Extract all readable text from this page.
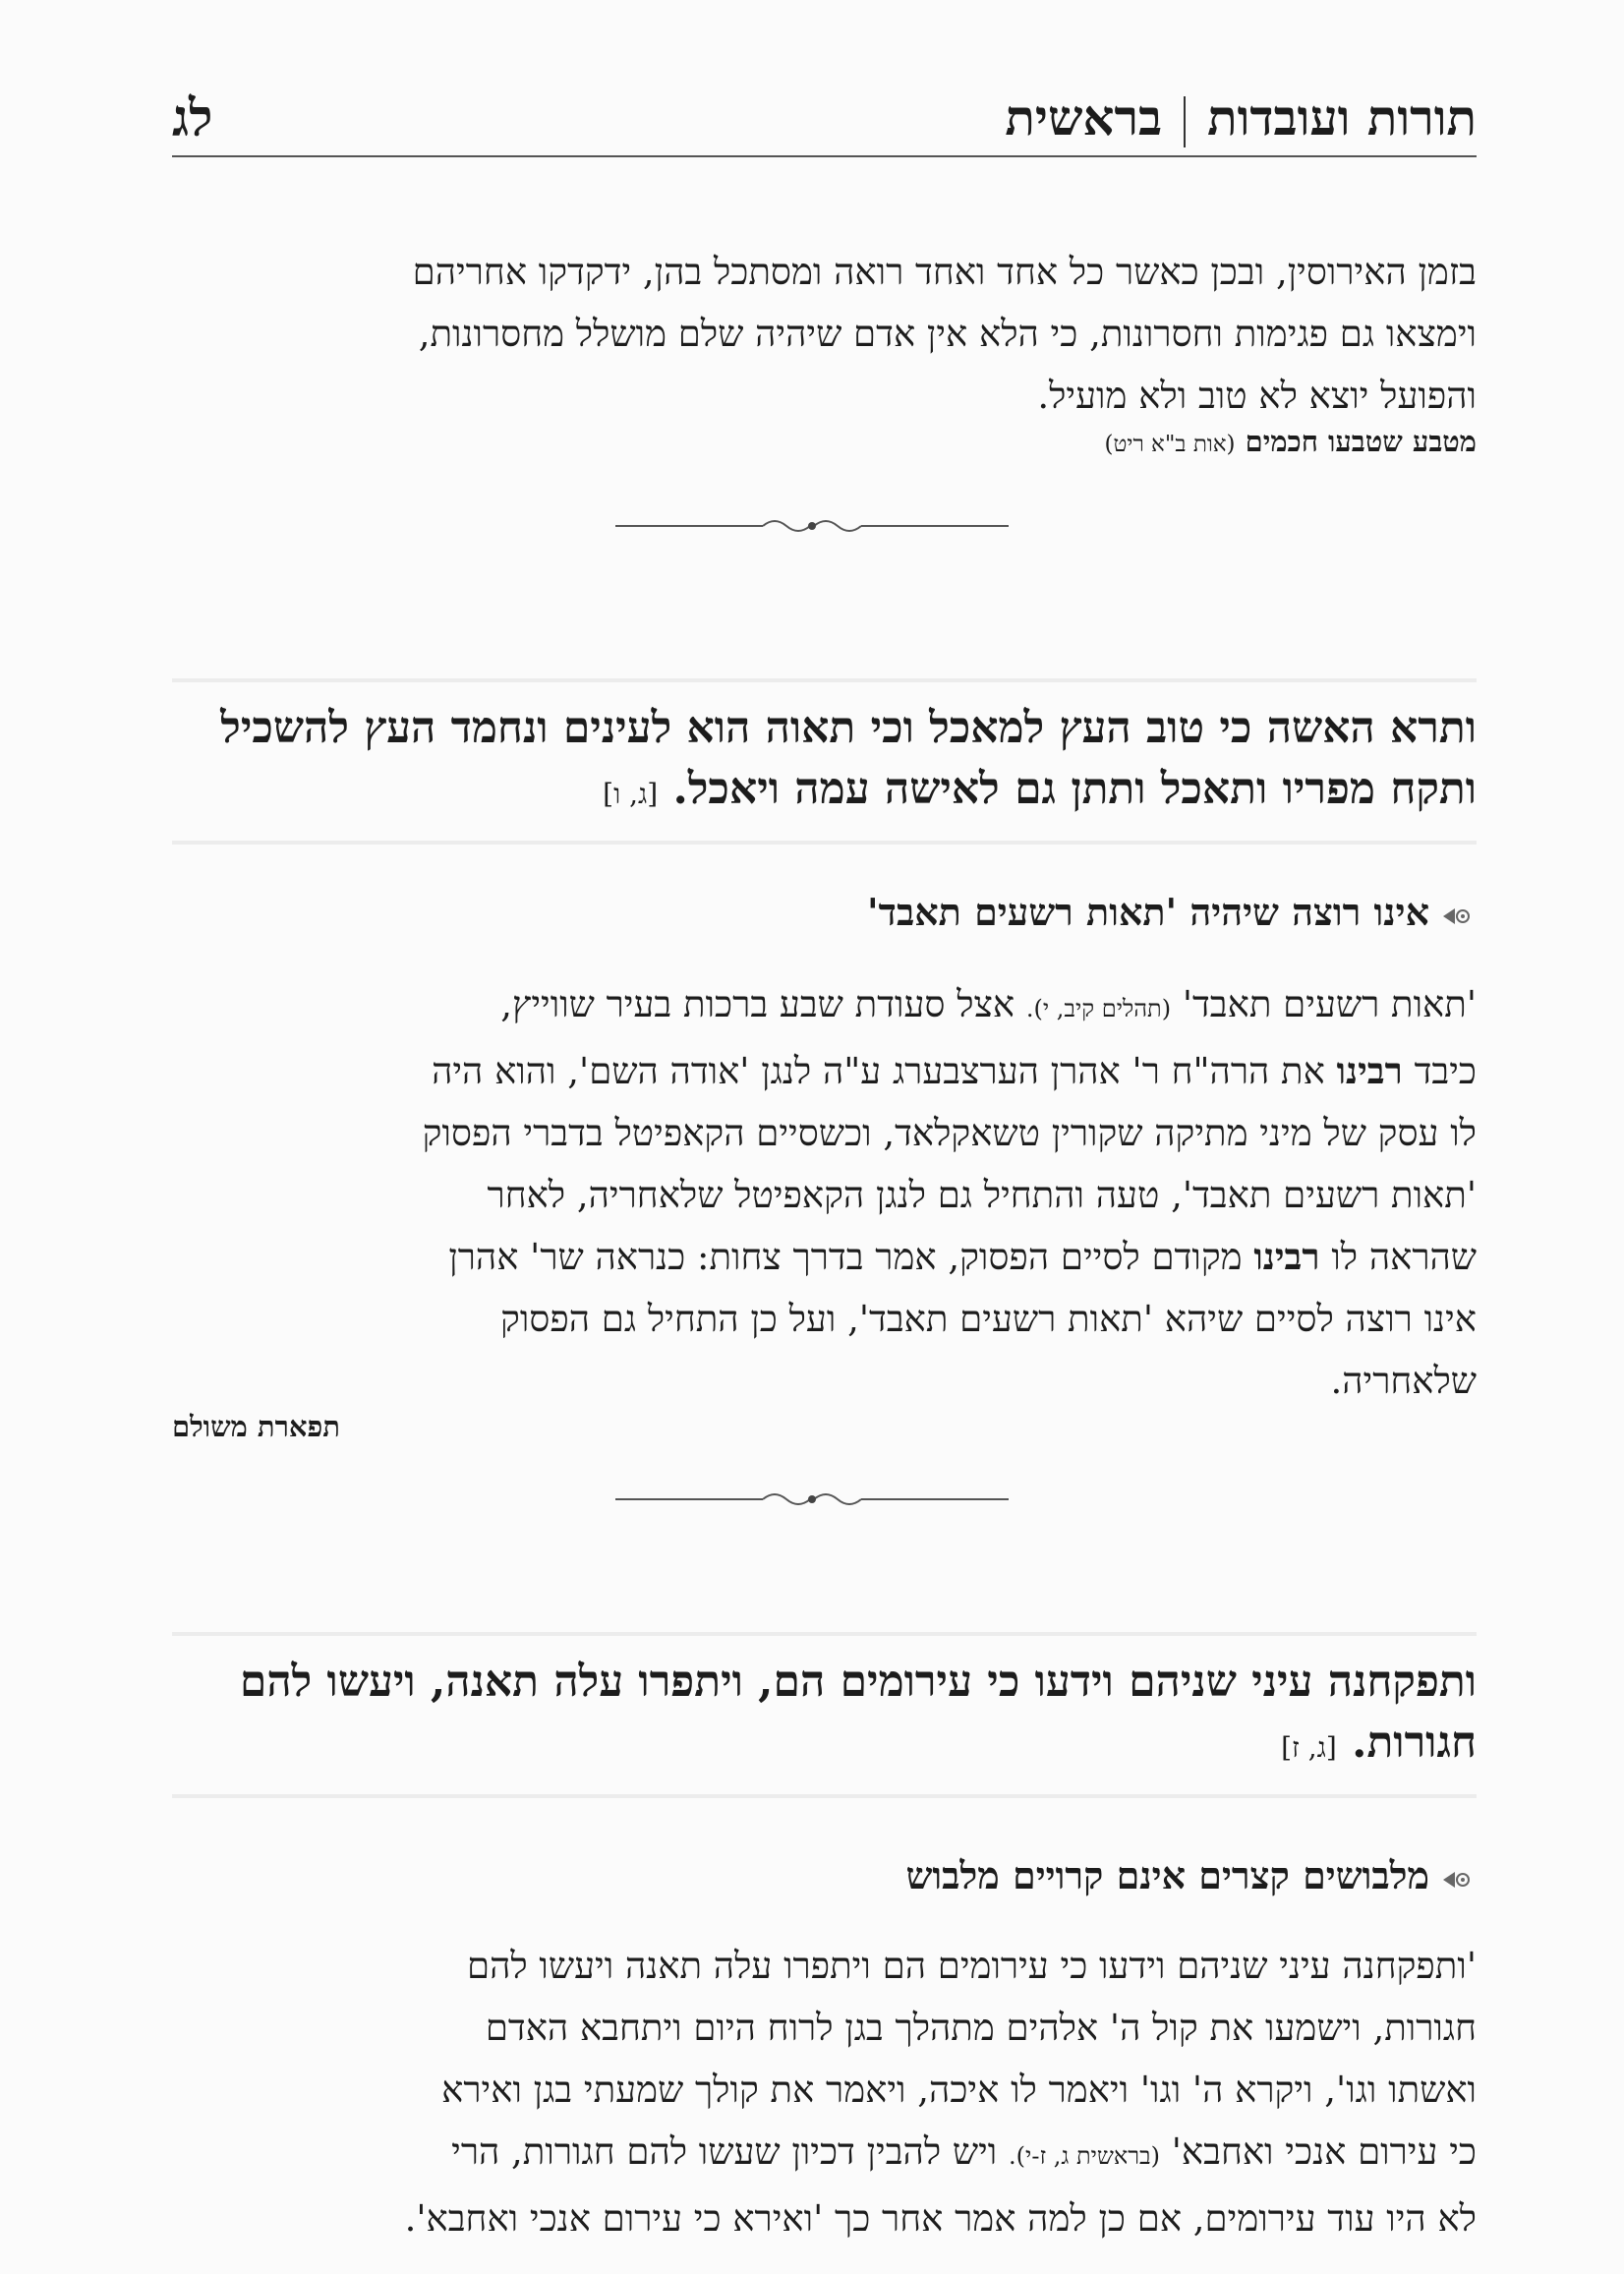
תורות ועובדותבראשית
לג

בזמן האירוסין, ובכן כאשר כל אחד ואחד רואה ומסתכל בהן, ידקדקו אחריהם

וימצאו גם פגימות וחסרונות, כי הלא אין אדם שיהיה שלם מושלל מחסרונות,

והפועל יוצא לא טוב ולא מועיל.

מטבע שטבעו חכמים (אות ב"א ריט)
ותרא האשה כי טוב העץ למאכל וכי תאוה הוא לעינים ונחמד העץ להשכיל ותקח מפריו ותאכל ותתן גם לאישה עמה ויאכל. [ג, ו]
אינו רוצה שיהיה 'תאות רשעים תאבד'

'תאות רשעים תאבד' (תהלים קיב, י). אצל סעודת שבע ברכות בעיר שווייץ,

כיבד רבינו את הרה"ח ר' אהרן הערצבערג ע"ה לנגן 'אודה השם', והוא היה

לו עסק של מיני מתיקה שקורין טשאקלאד, וכשסיים הקאפיטל בדברי הפסוק

'תאות רשעים תאבד', טעה והתחיל גם לנגן הקאפיטל שלאחריה, לאחר

שהראה לו רבינו מקודם לסיים הפסוק, אמר בדרך צחות: כנראה שר' אהרן

אינו רוצה לסיים שיהא 'תאות רשעים תאבד', ועל כן התחיל גם הפסוק

שלאחריה.

תפארת משולם
ותפקחנה עיני שניהם וידעו כי עירומים הם, ויתפרו עלה תאנה, ויעשו להם חגורות. [ג, ז]
מלבושים קצרים אינם קרויים מלבוש

'ותפקחנה עיני שניהם וידעו כי עירומים הם ויתפרו עלה תאנה ויעשו להם

חגורות, וישמעו את קול ה' אלהים מתהלך בגן לרוח היום ויתחבא האדם

ואשתו וגו', ויקרא ה' וגו' ויאמר לו איכה, ויאמר את קולך שמעתי בגן ואירא

כי עירום אנכי ואחבא' (בראשית ג, ז-י). ויש להבין דכיון שעשו להם חגורות, הרי

לא היו עוד עירומים, אם כן למה אמר אחר כך 'ואירא כי עירום אנכי ואחבא'.
